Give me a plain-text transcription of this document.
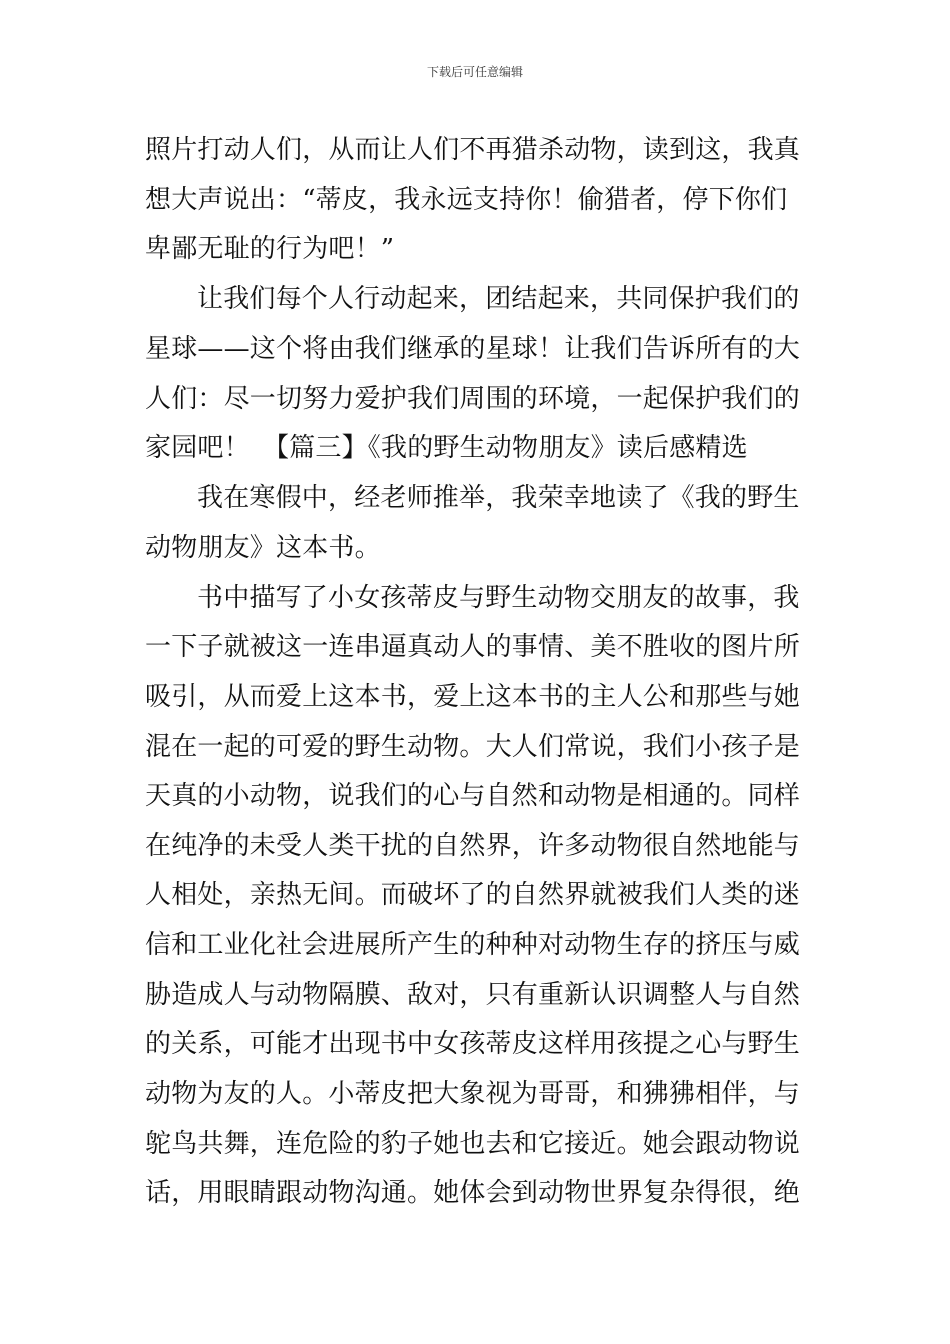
下载后可任意编辑
照片打动人们，从而让人们不再猎杀动物，读到这，我真
想大声说出：“蒂皮，我永远支持你！偷猎者，停下你们
卑鄙无耻的行为吧！”
让我们每个人行动起来，团结起来，共同保护我们的
星球——这个将由我们继承的星球！让我们告诉所有的大
人们：尽一切努力爱护我们周围的环境，一起保护我们的
家园吧！　【篇三】《我的野生动物朋友》读后感精选
我在寒假中，经老师推举，我荣幸地读了《我的野生
动物朋友》这本书。
书中描写了小女孩蒂皮与野生动物交朋友的故事，我
一下子就被这一连串逼真动人的事情、美不胜收的图片所
吸引，从而爱上这本书，爱上这本书的主人公和那些与她
混在一起的可爱的野生动物。大人们常说，我们小孩子是
天真的小动物，说我们的心与自然和动物是相通的。同样
在纯净的未受人类干扰的自然界，许多动物很自然地能与
人相处，亲热无间。而破坏了的自然界就被我们人类的迷
信和工业化社会进展所产生的种种对动物生存的挤压与威
胁造成人与动物隔膜、敌对，只有重新认识调整人与自然
的关系，可能才出现书中女孩蒂皮这样用孩提之心与野生
动物为友的人。小蒂皮把大象视为哥哥，和狒狒相伴，与
鸵鸟共舞，连危险的豹子她也去和它接近。她会跟动物说
话，用眼睛跟动物沟通。她体会到动物世界复杂得很，绝
